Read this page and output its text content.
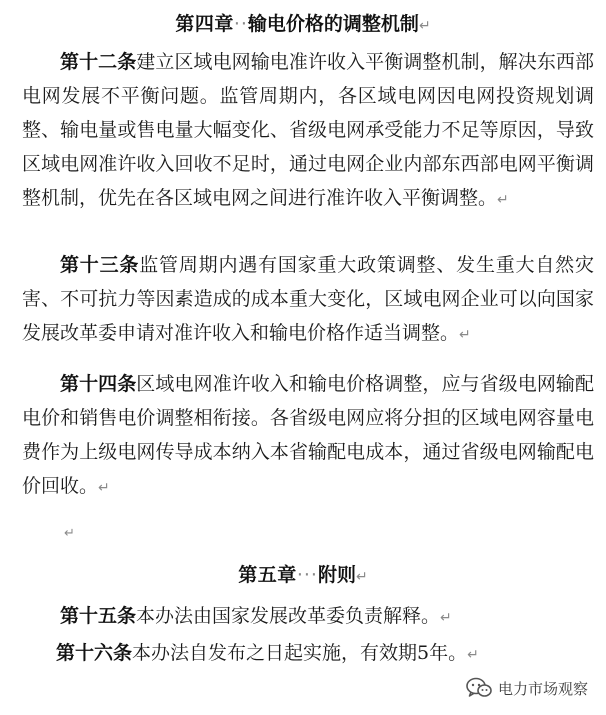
第四章··输电价格的调整机制↵
第十二条建立区域电网输电准许收入平衡调整机制，解决东西部电网发展不平衡问题。监管周期内，各区域电网因电网投资规划调整、输电量或售电量大幅变化、省级电网承受能力不足等原因，导致区域电网准许收入回收不足时，通过电网企业内部东西部电网平衡调整机制，优先在各区域电网之间进行准许收入平衡调整。↵
第十三条监管周期内遇有国家重大政策调整、发生重大自然灾害、不可抗力等因素造成的成本重大变化，区域电网企业可以向国家发展改革委申请对准许收入和输电价格作适当调整。↵
第十四条区域电网准许收入和输电价格调整，应与省级电网输配电价和销售电价调整相衔接。各省级电网应将分担的区域电网容量电费作为上级电网传导成本纳入本省输配电成本，通过省级电网输配电价回收。↵
↵
第五章···附则↵
第十五条本办法由国家发展改革委负责解释。↵
第十六条本办法自发布之日起实施，有效期5年。↵
电力市场观察
